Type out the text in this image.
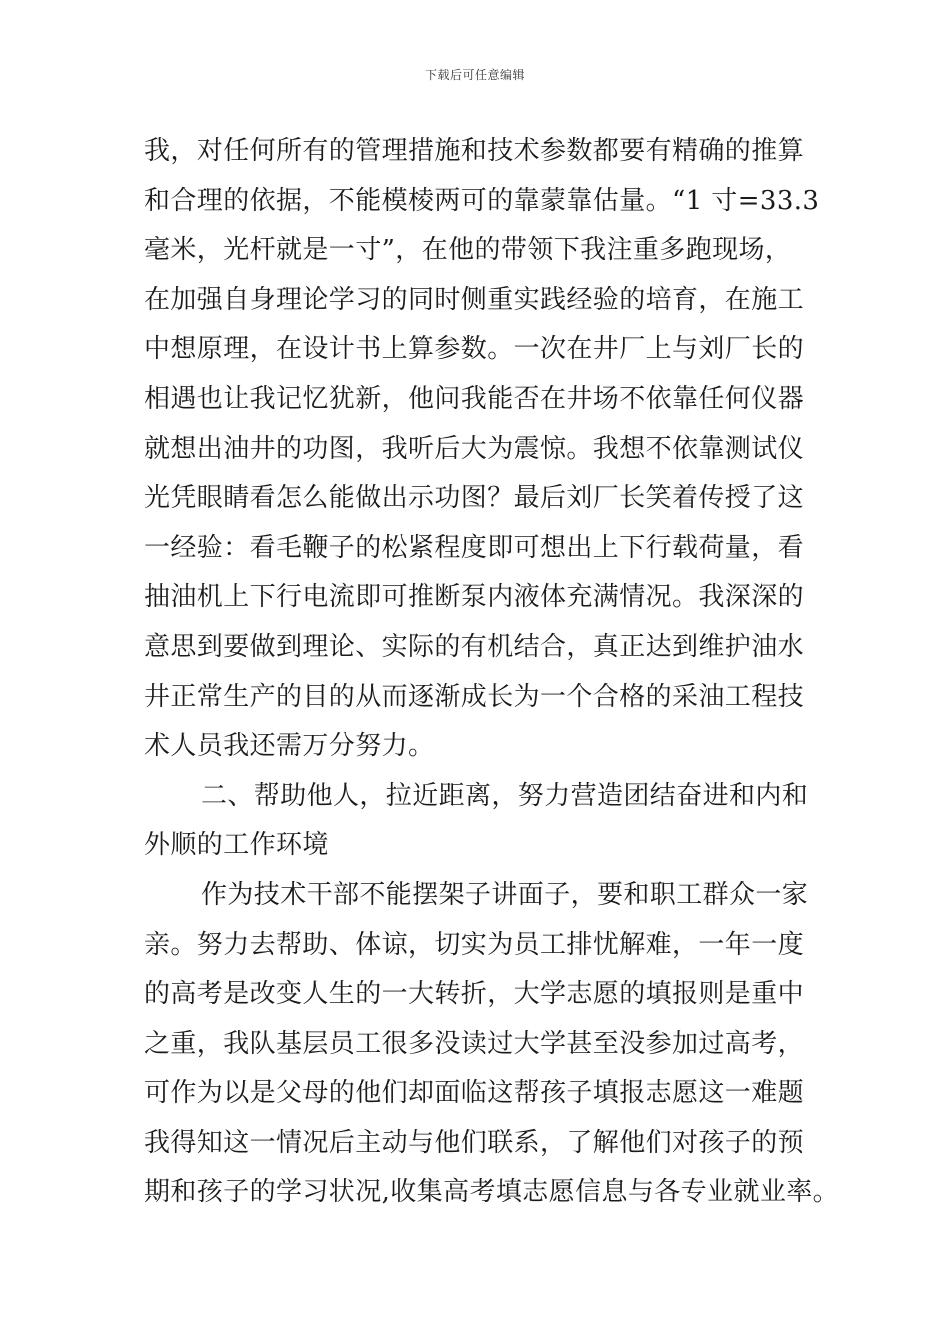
下载后可任意编辑
我，对任何所有的管理措施和技术参数都要有精确的推算
和合理的依据，不能模棱两可的靠蒙靠估量。“1 寸=33.3
毫米，光杆就是一寸”，在他的带领下我注重多跑现场，
在加强自身理论学习的同时侧重实践经验的培育，在施工
中想原理，在设计书上算参数。一次在井厂上与刘厂长的
相遇也让我记忆犹新，他问我能否在井场不依靠任何仪器
就想出油井的功图，我听后大为震惊。我想不依靠测试仪
光凭眼睛看怎么能做出示功图？最后刘厂长笑着传授了这
一经验：看毛鞭子的松紧程度即可想出上下行载荷量，看
抽油机上下行电流即可推断泵内液体充满情况。我深深的
意思到要做到理论、实际的有机结合，真正达到维护油水
井正常生产的目的从而逐渐成长为一个合格的采油工程技
术人员我还需万分努力。
二、帮助他人，拉近距离，努力营造团结奋进和内和
外顺的工作环境
作为技术干部不能摆架子讲面子，要和职工群众一家
亲。努力去帮助、体谅，切实为员工排忧解难，一年一度
的高考是改变人生的一大转折，大学志愿的填报则是重中
之重，我队基层员工很多没读过大学甚至没参加过高考，
可作为以是父母的他们却面临这帮孩子填报志愿这一难题
我得知这一情况后主动与他们联系，了解他们对孩子的预
期和孩子的学习状况,收集高考填志愿信息与各专业就业率。
